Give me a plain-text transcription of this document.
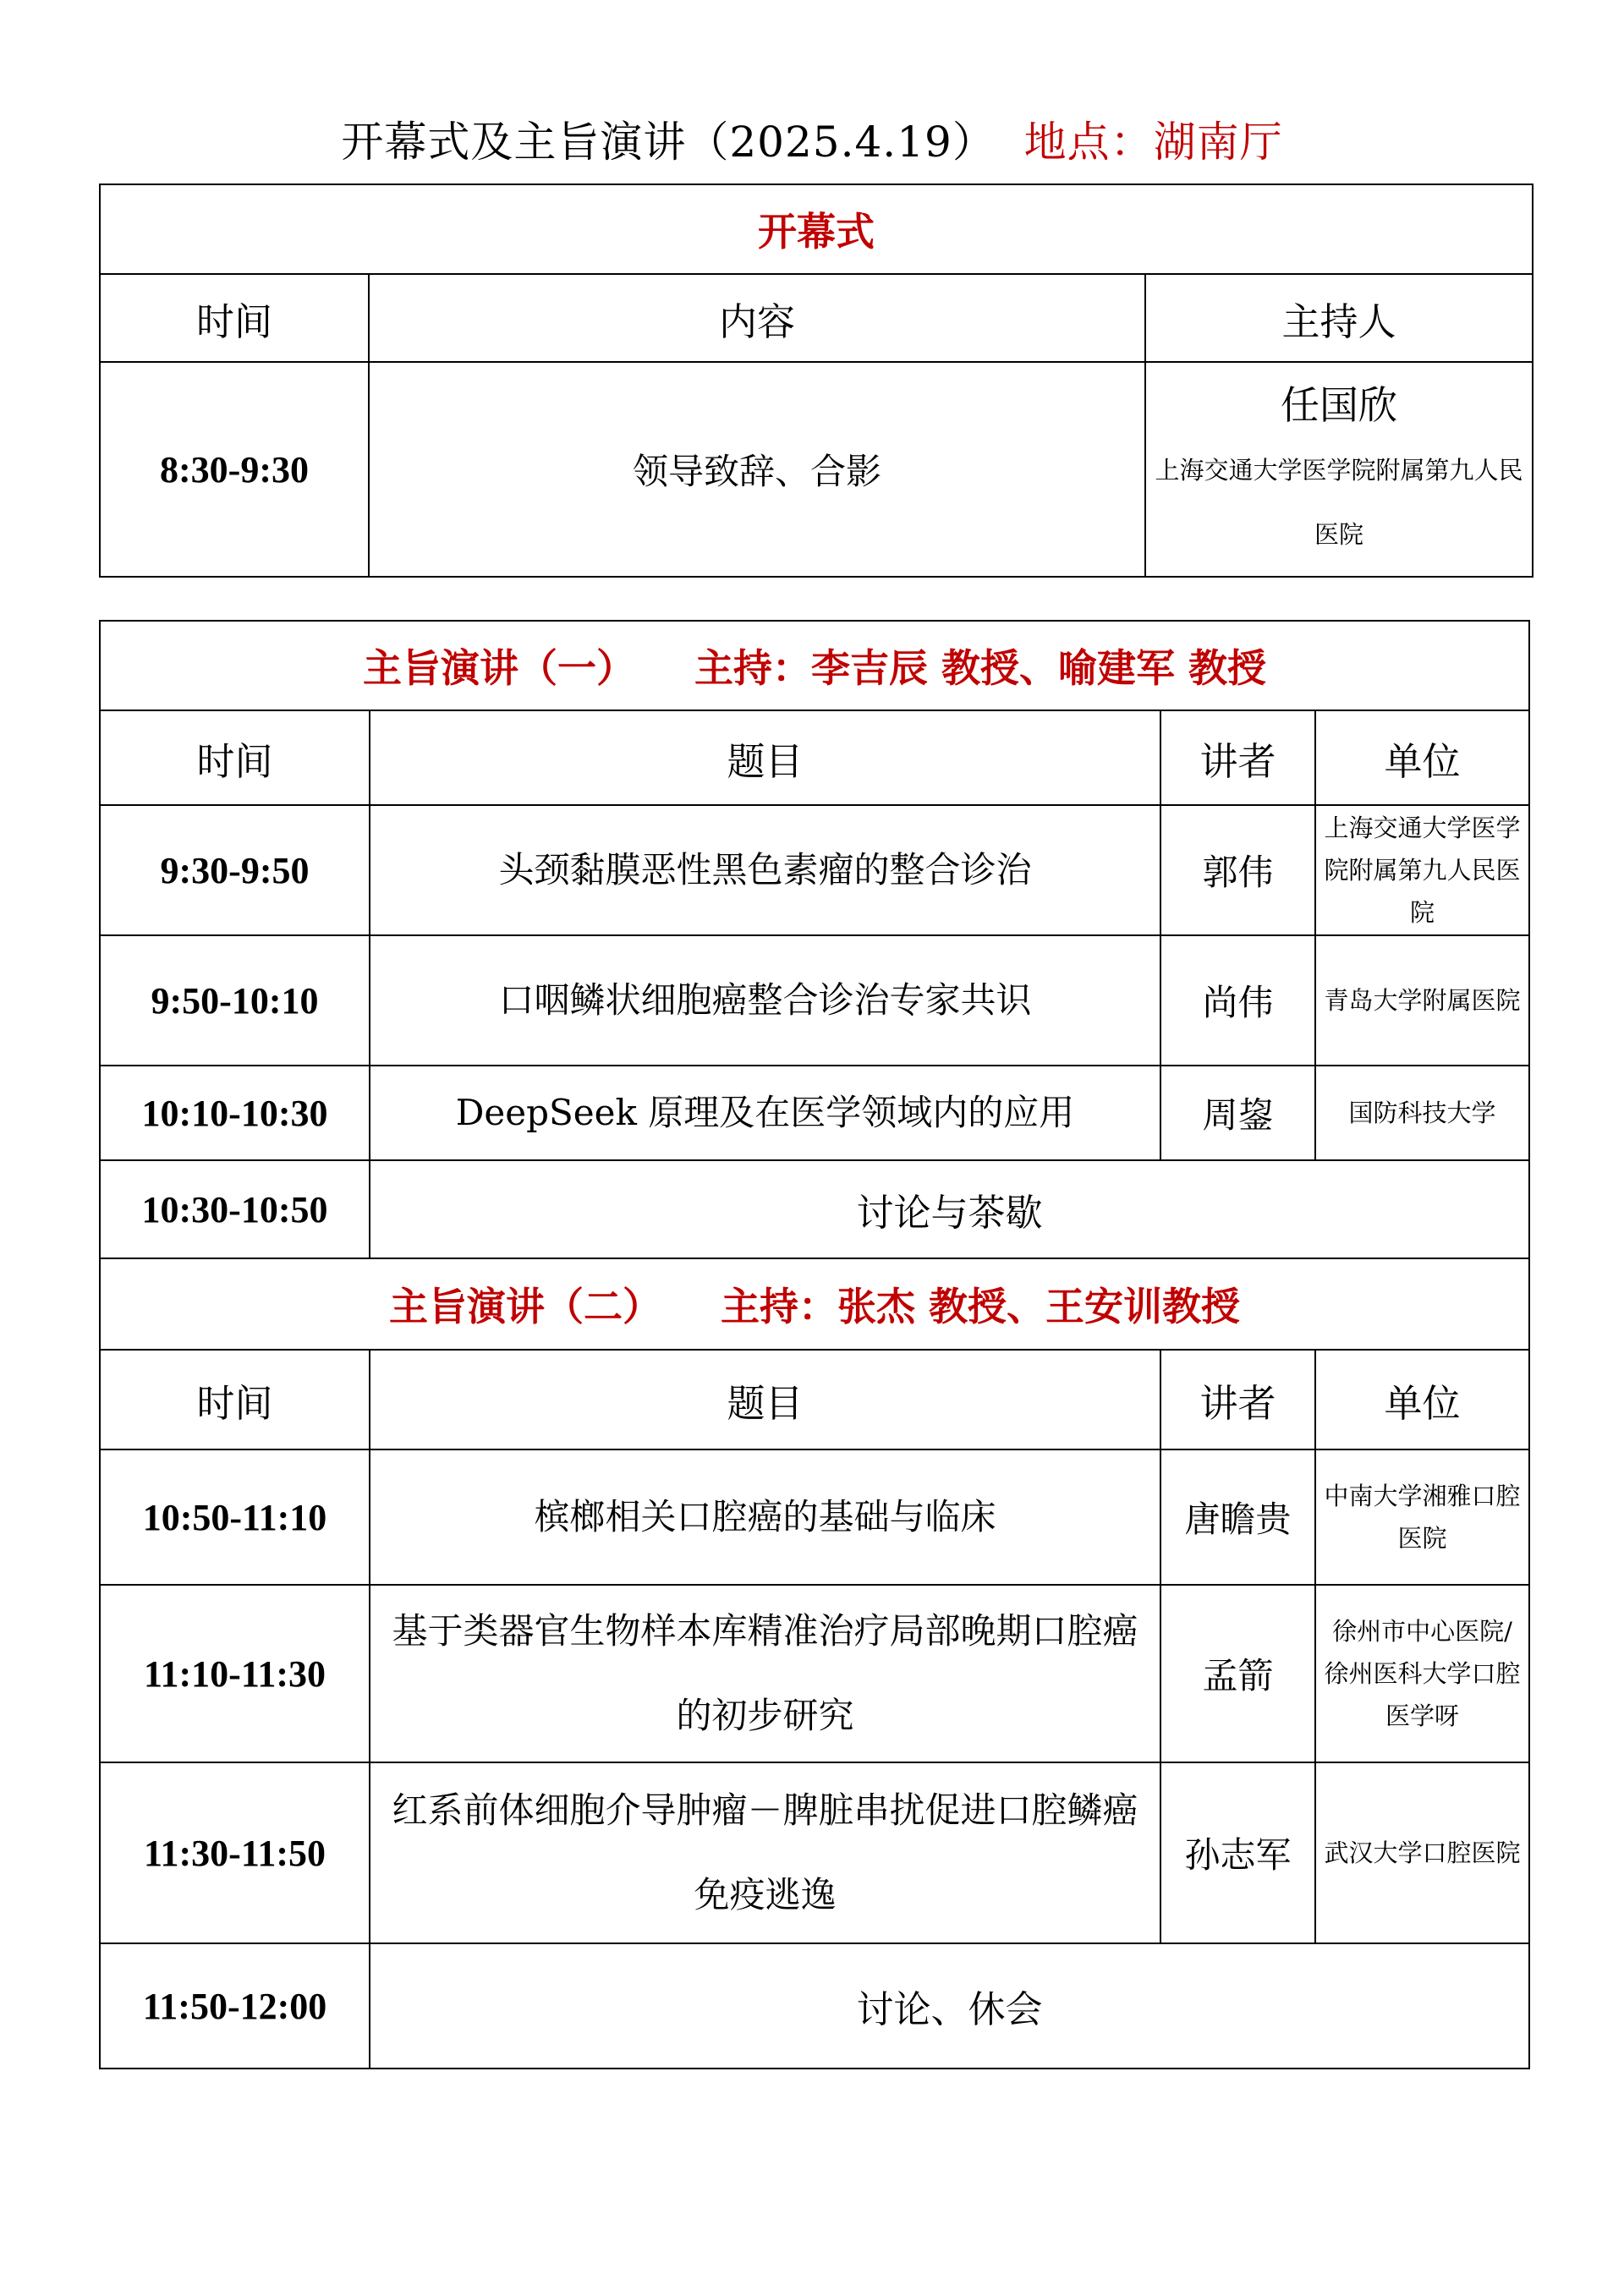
开幕式及主旨演讲（2025.4.19） 地点：湖南厅
开幕式		
时间	内容	主持人
8:30-9:30	领导致辞、合影	任国欣
上海交通大学医学院附属第九人民医院
主旨演讲（一） 主持：李吉辰 教授、喻建军 教授			
时间	题目	讲者	单位
9:30-9:50	头颈黏膜恶性黑色素瘤的整合诊治	郭伟	上海交通大学医学院附属第九人民医院
9:50-10:10	口咽鳞状细胞癌整合诊治专家共识	尚伟	青岛大学附属医院
10:10-10:30	DeepSeek 原理及在医学领域内的应用	周鋆	国防科技大学
10:30-10:50	讨论与茶歇		
主旨演讲（二） 主持：张杰 教授、王安训教授			
时间	题目	讲者	单位
10:50-11:10	槟榔相关口腔癌的基础与临床	唐瞻贵	中南大学湘雅口腔医院
11:10-11:30	基于类器官生物样本库精准治疗局部晚期口腔癌的初步研究	孟箭	徐州市中心医院/徐州医科大学口腔医学呀
11:30-11:50	红系前体细胞介导肿瘤－脾脏串扰促进口腔鳞癌免疫逃逸	孙志军	武汉大学口腔医院
11:50-12:00	讨论、休会		
